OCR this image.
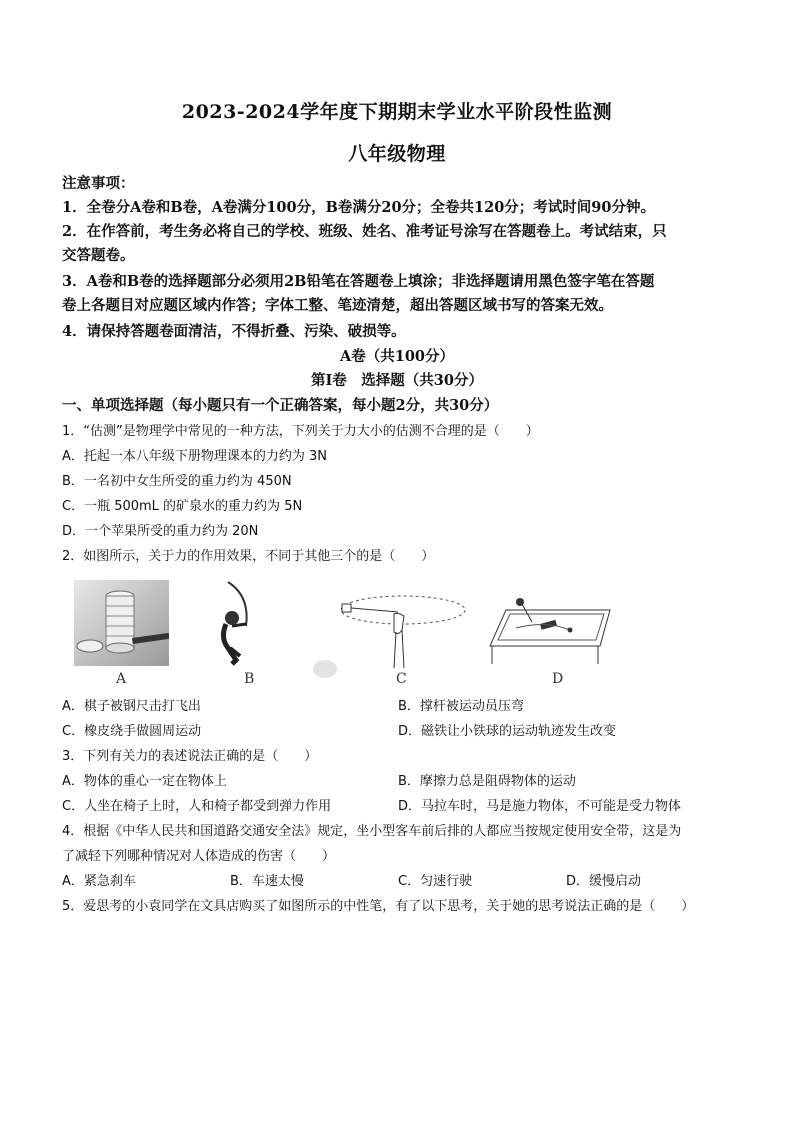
2023-2024学年度下期期末学业水平阶段性监测
八年级物理
注意事项：
1．全卷分A卷和B卷，A卷满分100分，B卷满分20分；全卷共120分；考试时间90分钟。
2．在作答前，考生务必将自己的学校、班级、姓名、准考证号涂写在答题卷上。考试结束，只
交答题卷。
3．A卷和B卷的选择题部分必须用2B铅笔在答题卷上填涂；非选择题请用黑色签字笔在答题
卷上各题目对应题区域内作答；字体工整、笔迹清楚，超出答题区域书写的答案无效。
4．请保持答题卷面清洁，不得折叠、污染、破损等。
A卷（共100分）
第Ⅰ卷　选择题（共30分）
一、单项选择题（每小题只有一个正确答案，每小题2分，共30分）
1．“估测”是物理学中常见的一种方法，下列关于力大小的估测不合理的是（　　）
A．托起一本八年级下册物理课本的力约为 3N
B．一名初中女生所受的重力约为 450N
C．一瓶 500mL 的矿泉水的重力约为 5N
D．一个苹果所受的重力约为 20N
2．如图所示，关于力的作用效果，不同于其他三个的是（　　）
A	B	C	D
A．棋子被钢尺击打飞出	B．撑杆被运动员压弯
C．橡皮绕手做圆周运动	D．磁铁让小铁球的运动轨迹发生改变
3．下列有关力的表述说法正确的是（　　）
A．物体的重心一定在物体上	B．摩擦力总是阻碍物体的运动
C．人坐在椅子上时，人和椅子都受到弹力作用	D．马拉车时，马是施力物体，不可能是受力物体
4．根据《中华人民共和国道路交通安全法》规定，坐小型客车前后排的人都应当按规定使用安全带，这是为
了减轻下列哪种情况对人体造成的伤害（　　）
A．紧急刹车	B．车速太慢	C．匀速行驶	D．缓慢启动
5．爱思考的小袁同学在文具店购买了如图所示的中性笔，有了以下思考，关于她的思考说法正确的是（　　）
